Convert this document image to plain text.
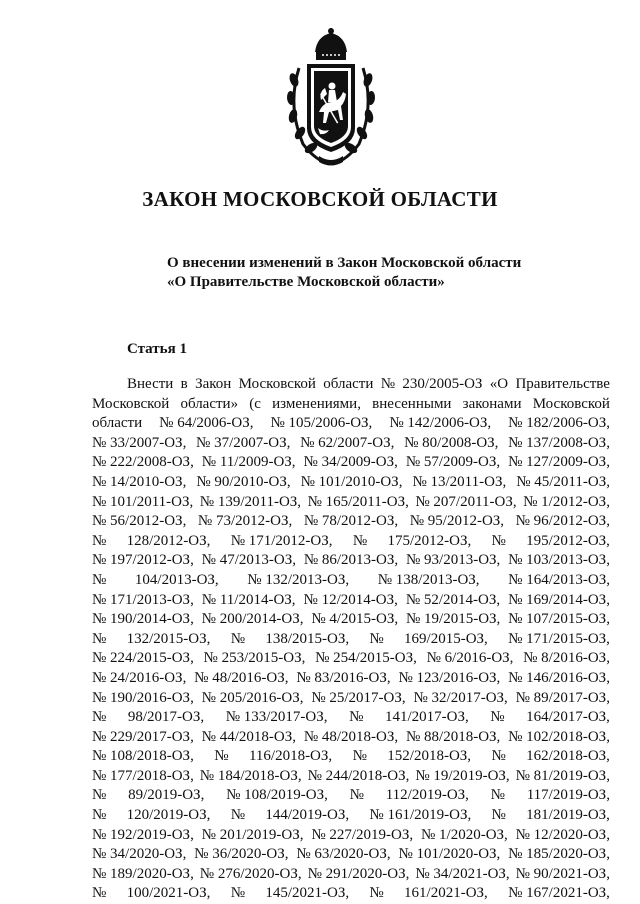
ЗАКОН МОСКОВСКОЙ ОБЛАСТИ
О внесении изменений в Закон Московской области
«О Правительстве Московской области»
Статья 1
Внести в Закон Московской области № 230/2005-ОЗ «О Правительстве
Московской области» (с изменениями, внесенными законами Московской
области № 64/2006-ОЗ, № 105/2006-ОЗ, № 142/2006-ОЗ, № 182/2006-ОЗ,
№ 33/2007-ОЗ, № 37/2007-ОЗ, № 62/2007-ОЗ, № 80/2008-ОЗ, № 137/2008-ОЗ,
№ 222/2008-ОЗ, № 11/2009-ОЗ, № 34/2009-ОЗ, № 57/2009-ОЗ, № 127/2009-ОЗ,
№ 14/2010-ОЗ, № 90/2010-ОЗ, № 101/2010-ОЗ, № 13/2011-ОЗ, № 45/2011-ОЗ,
№ 101/2011-ОЗ, № 139/2011-ОЗ, № 165/2011-ОЗ, № 207/2011-ОЗ, № 1/2012-ОЗ,
№ 56/2012-ОЗ, № 73/2012-ОЗ, № 78/2012-ОЗ, № 95/2012-ОЗ, № 96/2012-ОЗ,
№ 128/2012-ОЗ, № 171/2012-ОЗ, № 175/2012-ОЗ, № 195/2012-ОЗ,
№ 197/2012-ОЗ, № 47/2013-ОЗ, № 86/2013-ОЗ, № 93/2013-ОЗ, № 103/2013-ОЗ,
№ 104/2013-ОЗ, № 132/2013-ОЗ, № 138/2013-ОЗ, № 164/2013-ОЗ,
№ 171/2013-ОЗ, № 11/2014-ОЗ, № 12/2014-ОЗ, № 52/2014-ОЗ, № 169/2014-ОЗ,
№ 190/2014-ОЗ, № 200/2014-ОЗ, № 4/2015-ОЗ, № 19/2015-ОЗ, № 107/2015-ОЗ,
№ 132/2015-ОЗ, № 138/2015-ОЗ, № 169/2015-ОЗ, № 171/2015-ОЗ,
№ 224/2015-ОЗ, № 253/2015-ОЗ, № 254/2015-ОЗ, № 6/2016-ОЗ, № 8/2016-ОЗ,
№ 24/2016-ОЗ, № 48/2016-ОЗ, № 83/2016-ОЗ, № 123/2016-ОЗ, № 146/2016-ОЗ,
№ 190/2016-ОЗ, № 205/2016-ОЗ, № 25/2017-ОЗ, № 32/2017-ОЗ, № 89/2017-ОЗ,
№ 98/2017-ОЗ, № 133/2017-ОЗ, № 141/2017-ОЗ, № 164/2017-ОЗ,
№ 229/2017-ОЗ, № 44/2018-ОЗ, № 48/2018-ОЗ, № 88/2018-ОЗ, № 102/2018-ОЗ,
№ 108/2018-ОЗ, № 116/2018-ОЗ, № 152/2018-ОЗ, № 162/2018-ОЗ,
№ 177/2018-ОЗ, № 184/2018-ОЗ, № 244/2018-ОЗ, № 19/2019-ОЗ, № 81/2019-ОЗ,
№ 89/2019-ОЗ, № 108/2019-ОЗ, № 112/2019-ОЗ, № 117/2019-ОЗ,
№ 120/2019-ОЗ, № 144/2019-ОЗ, № 161/2019-ОЗ, № 181/2019-ОЗ,
№ 192/2019-ОЗ, № 201/2019-ОЗ, № 227/2019-ОЗ, № 1/2020-ОЗ, № 12/2020-ОЗ,
№ 34/2020-ОЗ, № 36/2020-ОЗ, № 63/2020-ОЗ, № 101/2020-ОЗ, № 185/2020-ОЗ,
№ 189/2020-ОЗ, № 276/2020-ОЗ, № 291/2020-ОЗ, № 34/2021-ОЗ, № 90/2021-ОЗ,
№ 100/2021-ОЗ, № 145/2021-ОЗ, № 161/2021-ОЗ, № 167/2021-ОЗ,
